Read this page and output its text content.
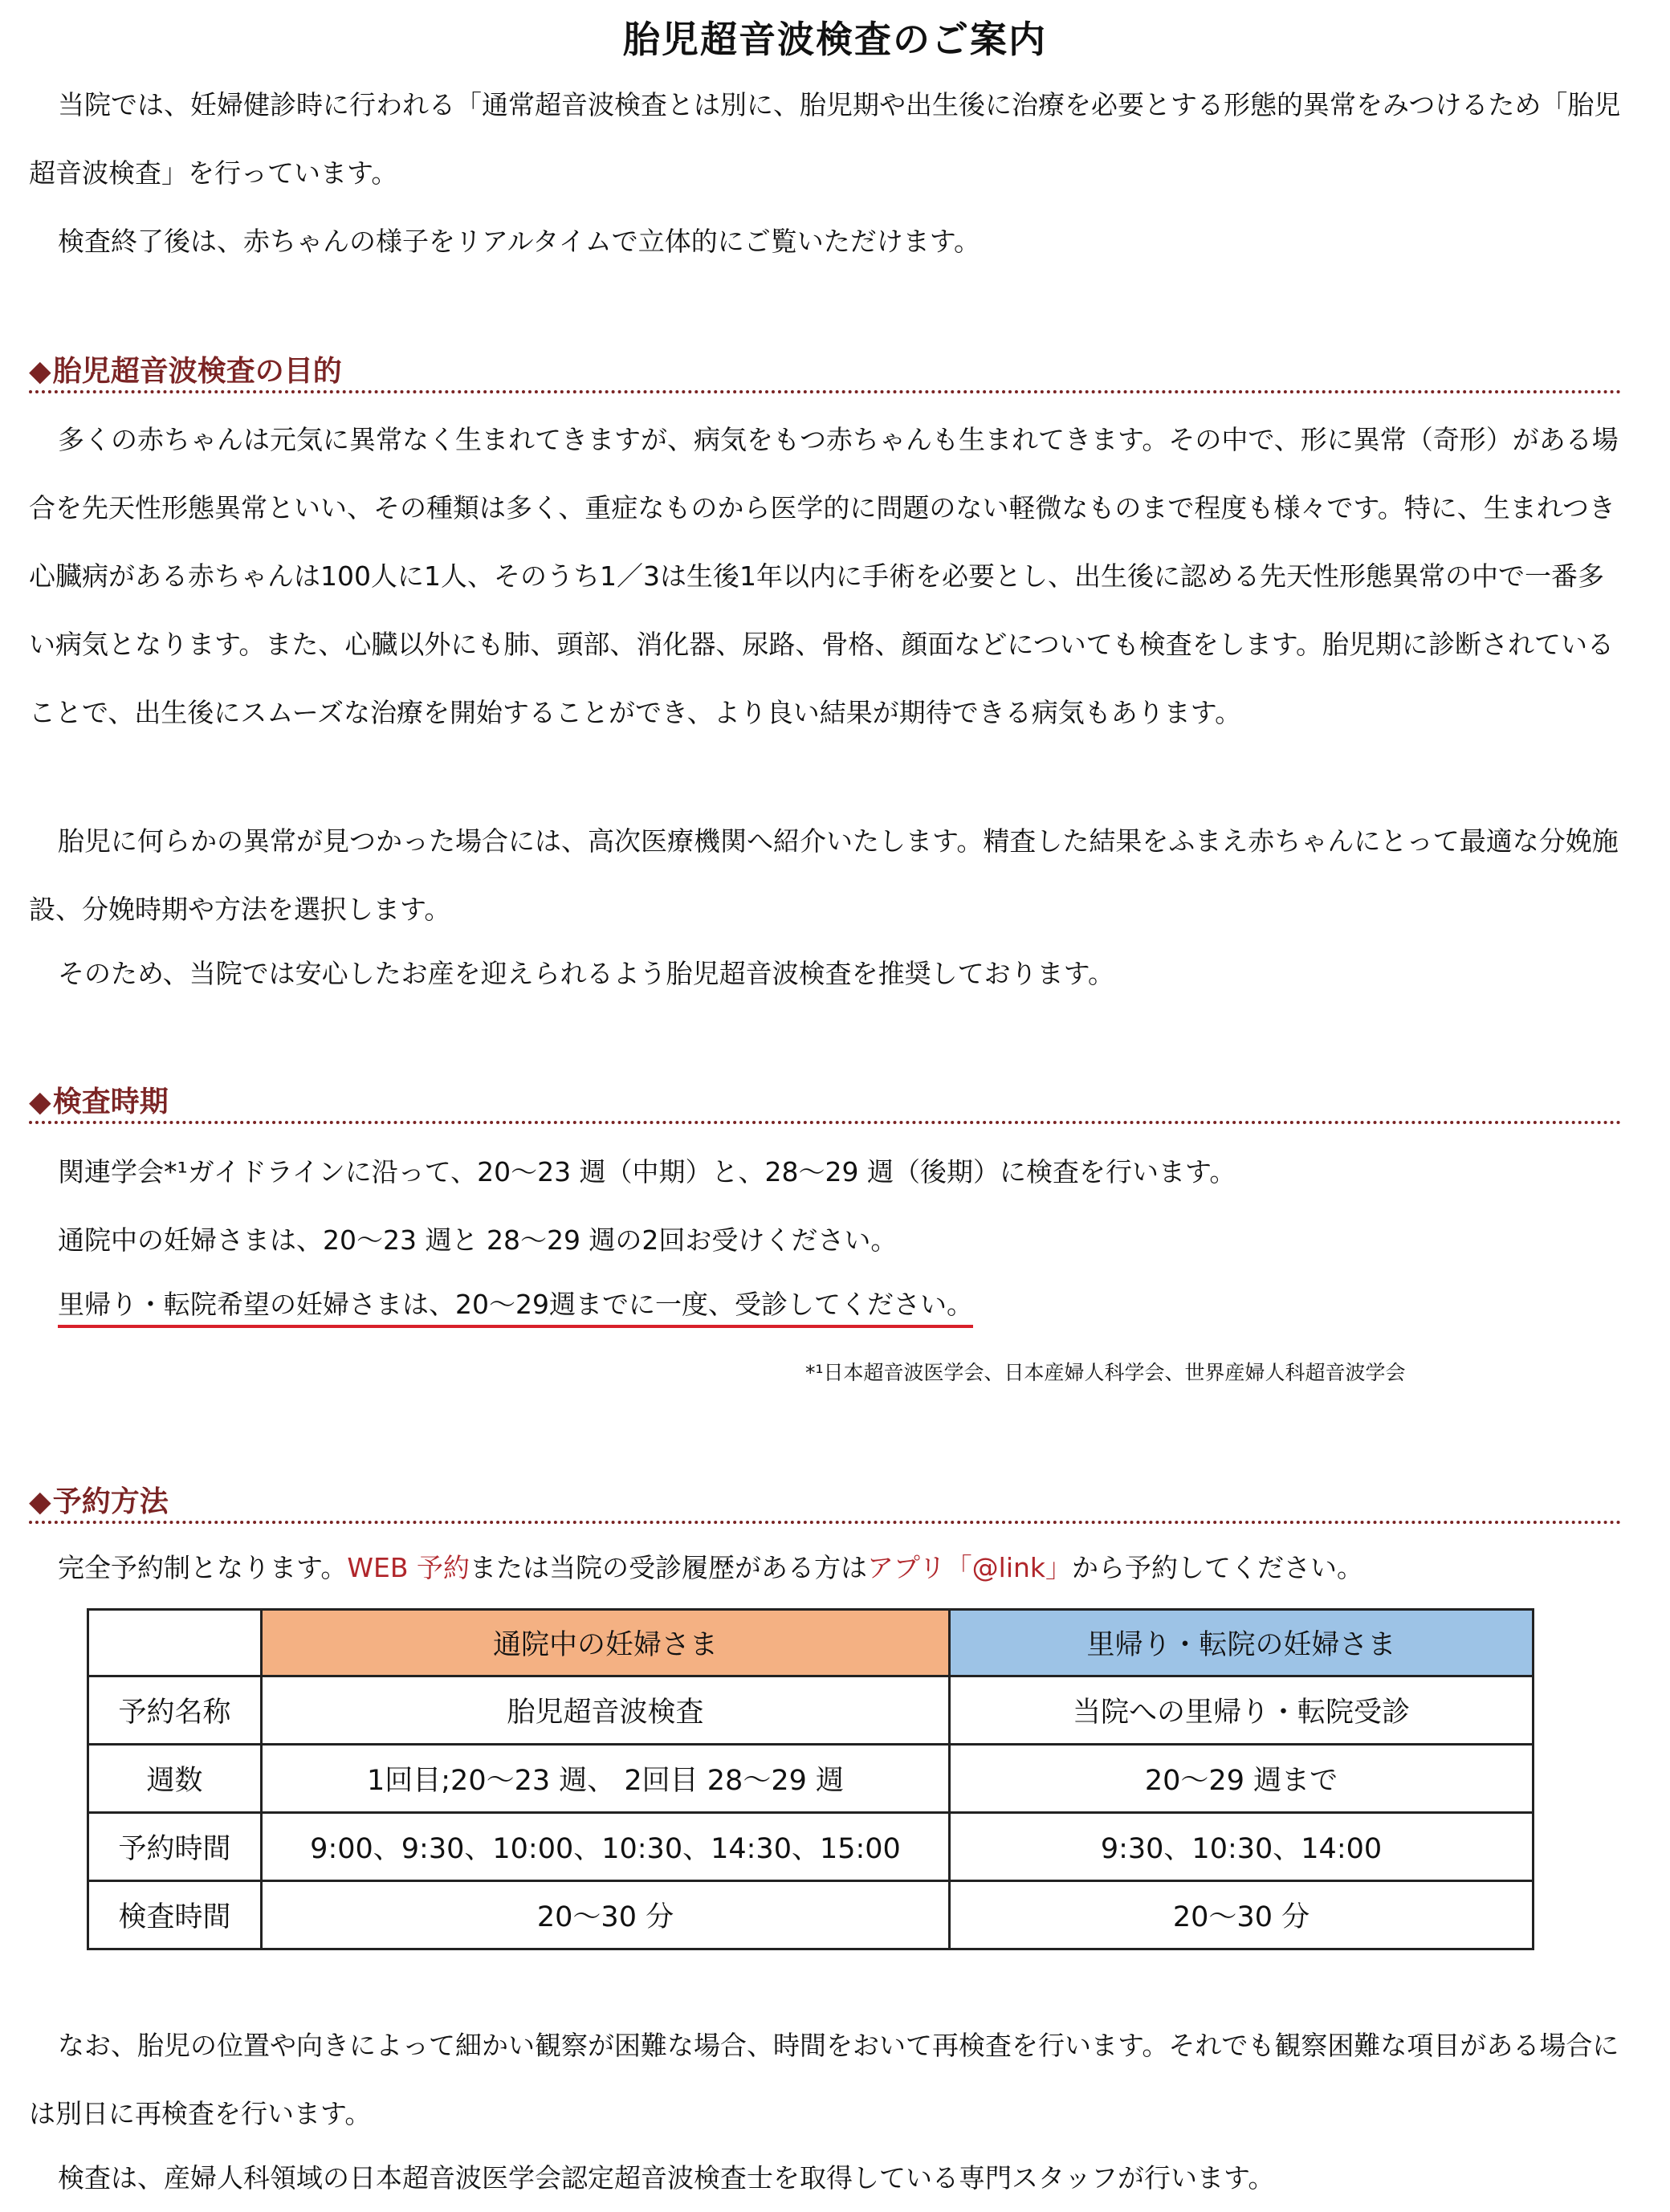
胎児超音波検査のご案内

当院では、妊婦健診時に行われる「通常超音波検査とは別に、胎児期や出生後に治療を必要とする形態的異常をみつけるため「胎児超音波検査」を行っています。

検査終了後は、赤ちゃんの様子をリアルタイムで立体的にご覧いただけます。

◆胎児超音波検査の目的

多くの赤ちゃんは元気に異常なく生まれてきますが、病気をもつ赤ちゃんも生まれてきます。その中で、形に異常（奇形）がある場合を先天性形態異常といい、その種類は多く、重症なものから医学的に問題のない軽微なものまで程度も様々です。特に、生まれつき心臓病がある赤ちゃんは100人に1人、そのうち1／3は生後1年以内に手術を必要とし、出生後に認める先天性形態異常の中で一番多い病気となります。また、心臓以外にも肺、頭部、消化器、尿路、骨格、顔面などについても検査をします。胎児期に診断されていることで、出生後にスムーズな治療を開始することができ、より良い結果が期待できる病気もあります。

胎児に何らかの異常が見つかった場合には、高次医療機関へ紹介いたします。精査した結果をふまえ赤ちゃんにとって最適な分娩施設、分娩時期や方法を選択します。

そのため、当院では安心したお産を迎えられるよう胎児超音波検査を推奨しております。

◆検査時期
関連学会*¹ガイドラインに沿って、20～23 週（中期）と、28～29 週（後期）に検査を行います。
通院中の妊婦さまは、20～23 週と 28～29 週の2回お受けください。
里帰り・転院希望の妊婦さまは、20～29週までに一度、受診してください。
*¹日本超音波医学会、日本産婦人科学会、世界産婦人科超音波学会
◆予約方法
完全予約制となります。WEB 予約または当院の受診履歴がある方はアプリ「@link」から予約してください。
	通院中の妊婦さま	里帰り・転院の妊婦さま
予約名称	胎児超音波検査	当院への里帰り・転院受診
週数	1回目;20～23 週、 2回目 28～29 週	20～29 週まで
予約時間	9:00、9:30、10:00、10:30、14:30、15:00	9:30、10:30、14:00
検査時間	20～30 分	20～30 分

なお、胎児の位置や向きによって細かい観察が困難な場合、時間をおいて再検査を行います。それでも観察困難な項目がある場合には別日に再検査を行います。

検査は、産婦人科領域の日本超音波医学会認定超音波検査士を取得している専門スタッフが行います。
